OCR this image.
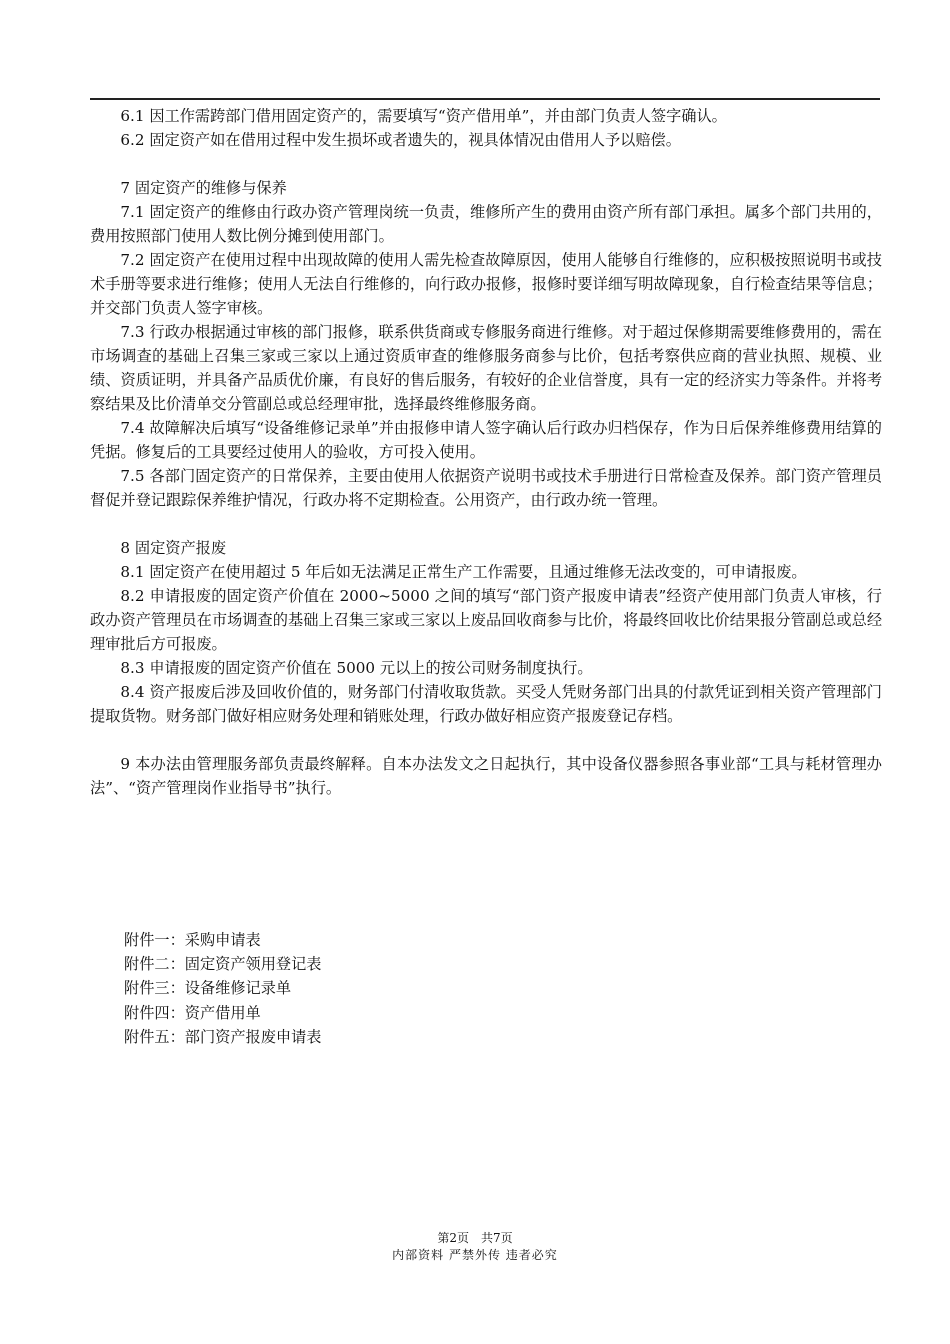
6.1 因工作需跨部门借用固定资产的，需要填写“资产借用单”，并由部门负责人签字确认。

6.2 固定资产如在借用过程中发生损坏或者遗失的，视具体情况由借用人予以赔偿。

7 固定资产的维修与保养

7.1 固定资产的维修由行政办资产管理岗统一负责，维修所产生的费用由资产所有部门承担。属多个部门共用的，费用按照部门使用人数比例分摊到使用部门。

7.2 固定资产在使用过程中出现故障的使用人需先检查故障原因，使用人能够自行维修的，应积极按照说明书或技术手册等要求进行维修；使用人无法自行维修的，向行政办报修，报修时要详细写明故障现象，自行检查结果等信息；并交部门负责人签字审核。

7.3 行政办根据通过审核的部门报修，联系供货商或专修服务商进行维修。对于超过保修期需要维修费用的，需在市场调查的基础上召集三家或三家以上通过资质审查的维修服务商参与比价，包括考察供应商的营业执照、规模、业绩、资质证明，并具备产品质优价廉，有良好的售后服务，有较好的企业信誉度，具有一定的经济实力等条件。并将考察结果及比价清单交分管副总或总经理审批，选择最终维修服务商。

7.4 故障解决后填写“设备维修记录单”并由报修申请人签字确认后行政办归档保存，作为日后保养维修费用结算的凭据。修复后的工具要经过使用人的验收，方可投入使用。

7.5 各部门固定资产的日常保养，主要由使用人依据资产说明书或技术手册进行日常检查及保养。部门资产管理员督促并登记跟踪保养维护情况，行政办将不定期检查。公用资产，由行政办统一管理。

8 固定资产报废

8.1 固定资产在使用超过 5 年后如无法满足正常生产工作需要，且通过维修无法改变的，可申请报废。

8.2 申请报废的固定资产价值在 2000~5000 之间的填写“部门资产报废申请表”经资产使用部门负责人审核，行政办资产管理员在市场调查的基础上召集三家或三家以上废品回收商参与比价，将最终回收比价结果报分管副总或总经理审批后方可报废。

8.3 申请报废的固定资产价值在 5000 元以上的按公司财务制度执行。

8.4 资产报废后涉及回收价值的，财务部门付清收取货款。买受人凭财务部门出具的付款凭证到相关资产管理部门提取货物。财务部门做好相应财务处理和销账处理，行政办做好相应资产报废登记存档。

9 本办法由管理服务部负责最终解释。自本办法发文之日起执行，其中设备仪器参照各事业部“工具与耗材管理办法”、“资产管理岗作业指导书”执行。

附件一：采购申请表

附件二：固定资产领用登记表

附件三：设备维修记录单

附件四：资产借用单

附件五：部门资产报废申请表

第2页 共7页
内部资料 严禁外传 违者必究
